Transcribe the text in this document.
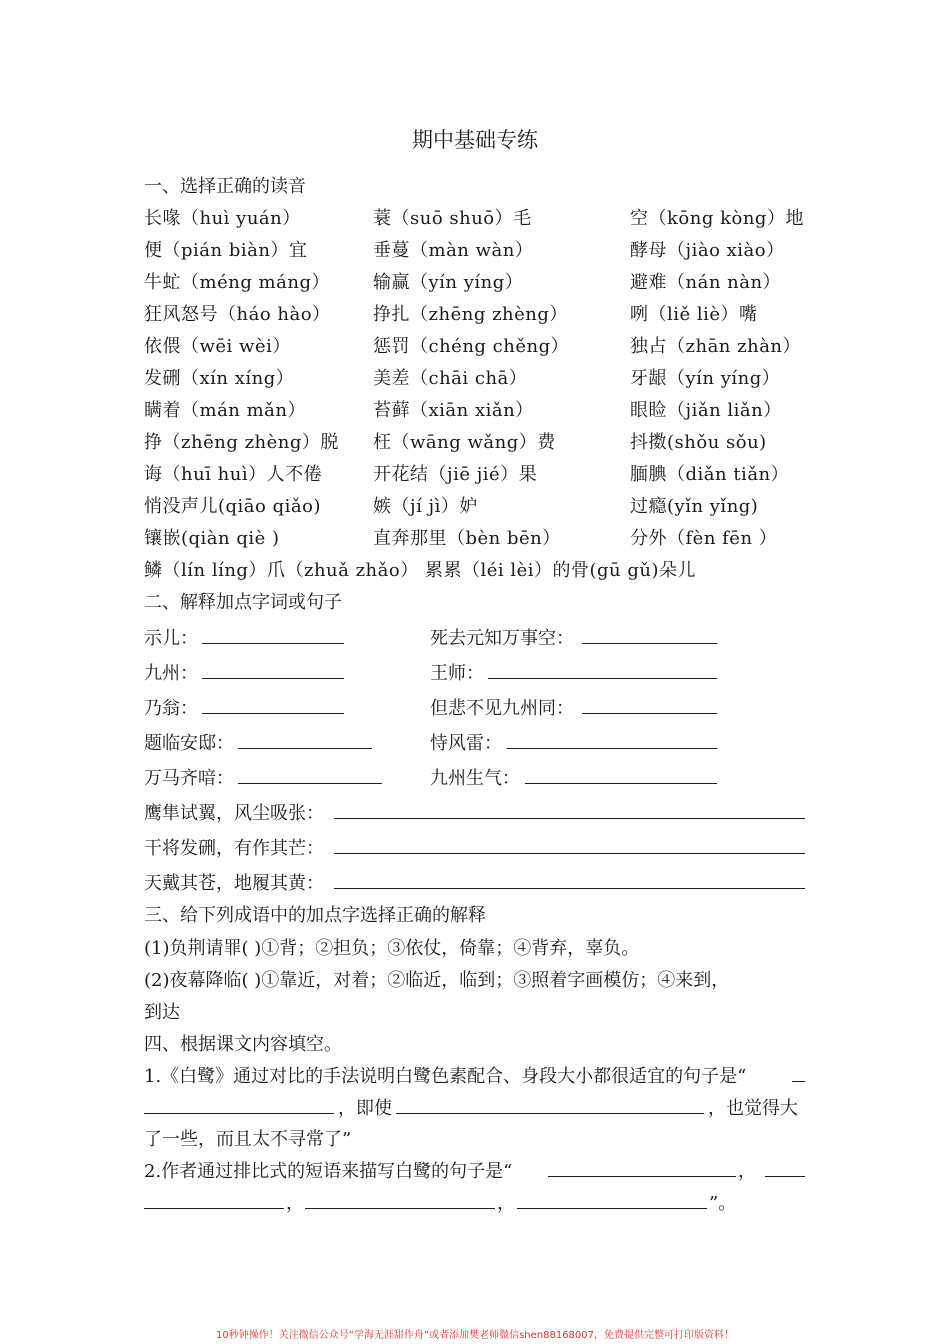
期中基础专练
一、选择正确的读音
长喙（huì yuán）	蓑（suō shuō）毛	空（kōng kòng）地
便（pián biàn）宜	垂蔓（màn wàn）	酵母（jiào xiào）
牛虻（méng máng） 输赢（yín yíng）	避难（nán nàn）
狂风怒号（háo hào） 挣扎（zhēng zhèng）	咧（liě liè）嘴
依偎（wēi wèi）	惩罚（chéng chěng）	独占（zhān zhàn）
发硎（xín xíng）	美差（chāi chā）	牙龈（yín yíng）
瞒着（mán mǎn）	苔藓（xiān xiǎn）	眼睑（jiǎn liǎn）
挣（zhēng zhèng）脱 枉（wāng wǎng）费	抖擞(shǒu sǒu)
诲（huī huì）人不倦	开花结（jiē jié）果	腼腆（diǎn tiǎn）
悄没声儿(qiāo qiǎo)	嫉（jí jì）妒	过瘾(yǐn yǐng)
镶嵌(qiàn qiè )	直奔那里（bèn bēn）	分外（fèn fēn ）
鳞（lín líng）爪（zhuǎ zhǎo） 累累（léi lèi）的骨(gū gǔ)朵儿
二、解释加点字词或句子
示儿：
九州：
乃翁：
题临安邸：
万马齐喑：
死去元知万事空：
王师：
但悲不见九州同：
恃风雷：
九州生气：
鹰隼试翼，风尘吸张：
干将发硎，有作其芒：
天戴其苍，地履其黄：
三、给下列成语中的加点字选择正确的解释
(1)负荆请罪( )①背；②担负；③依仗，倚靠；④背弃，辜负。
(2)夜幕降临( )①靠近，对着；②临近，临到；③照着字画模仿；④来到，
到达
四、根据课文内容填空。
1.《白鹭》通过对比的手法说明白鹭色素配合、身段大小都很适宜的句子是“
，即使	，也觉得大
了一些，而且太不寻常了”
2.作者通过排比式的短语来描写白鹭的句子是“	，
，	，	”。
10秒钟操作！关注微信公众号“学海无涯甜作舟”或者添加樊老师微信shen88168007，免费提供完整可打印版资料！
